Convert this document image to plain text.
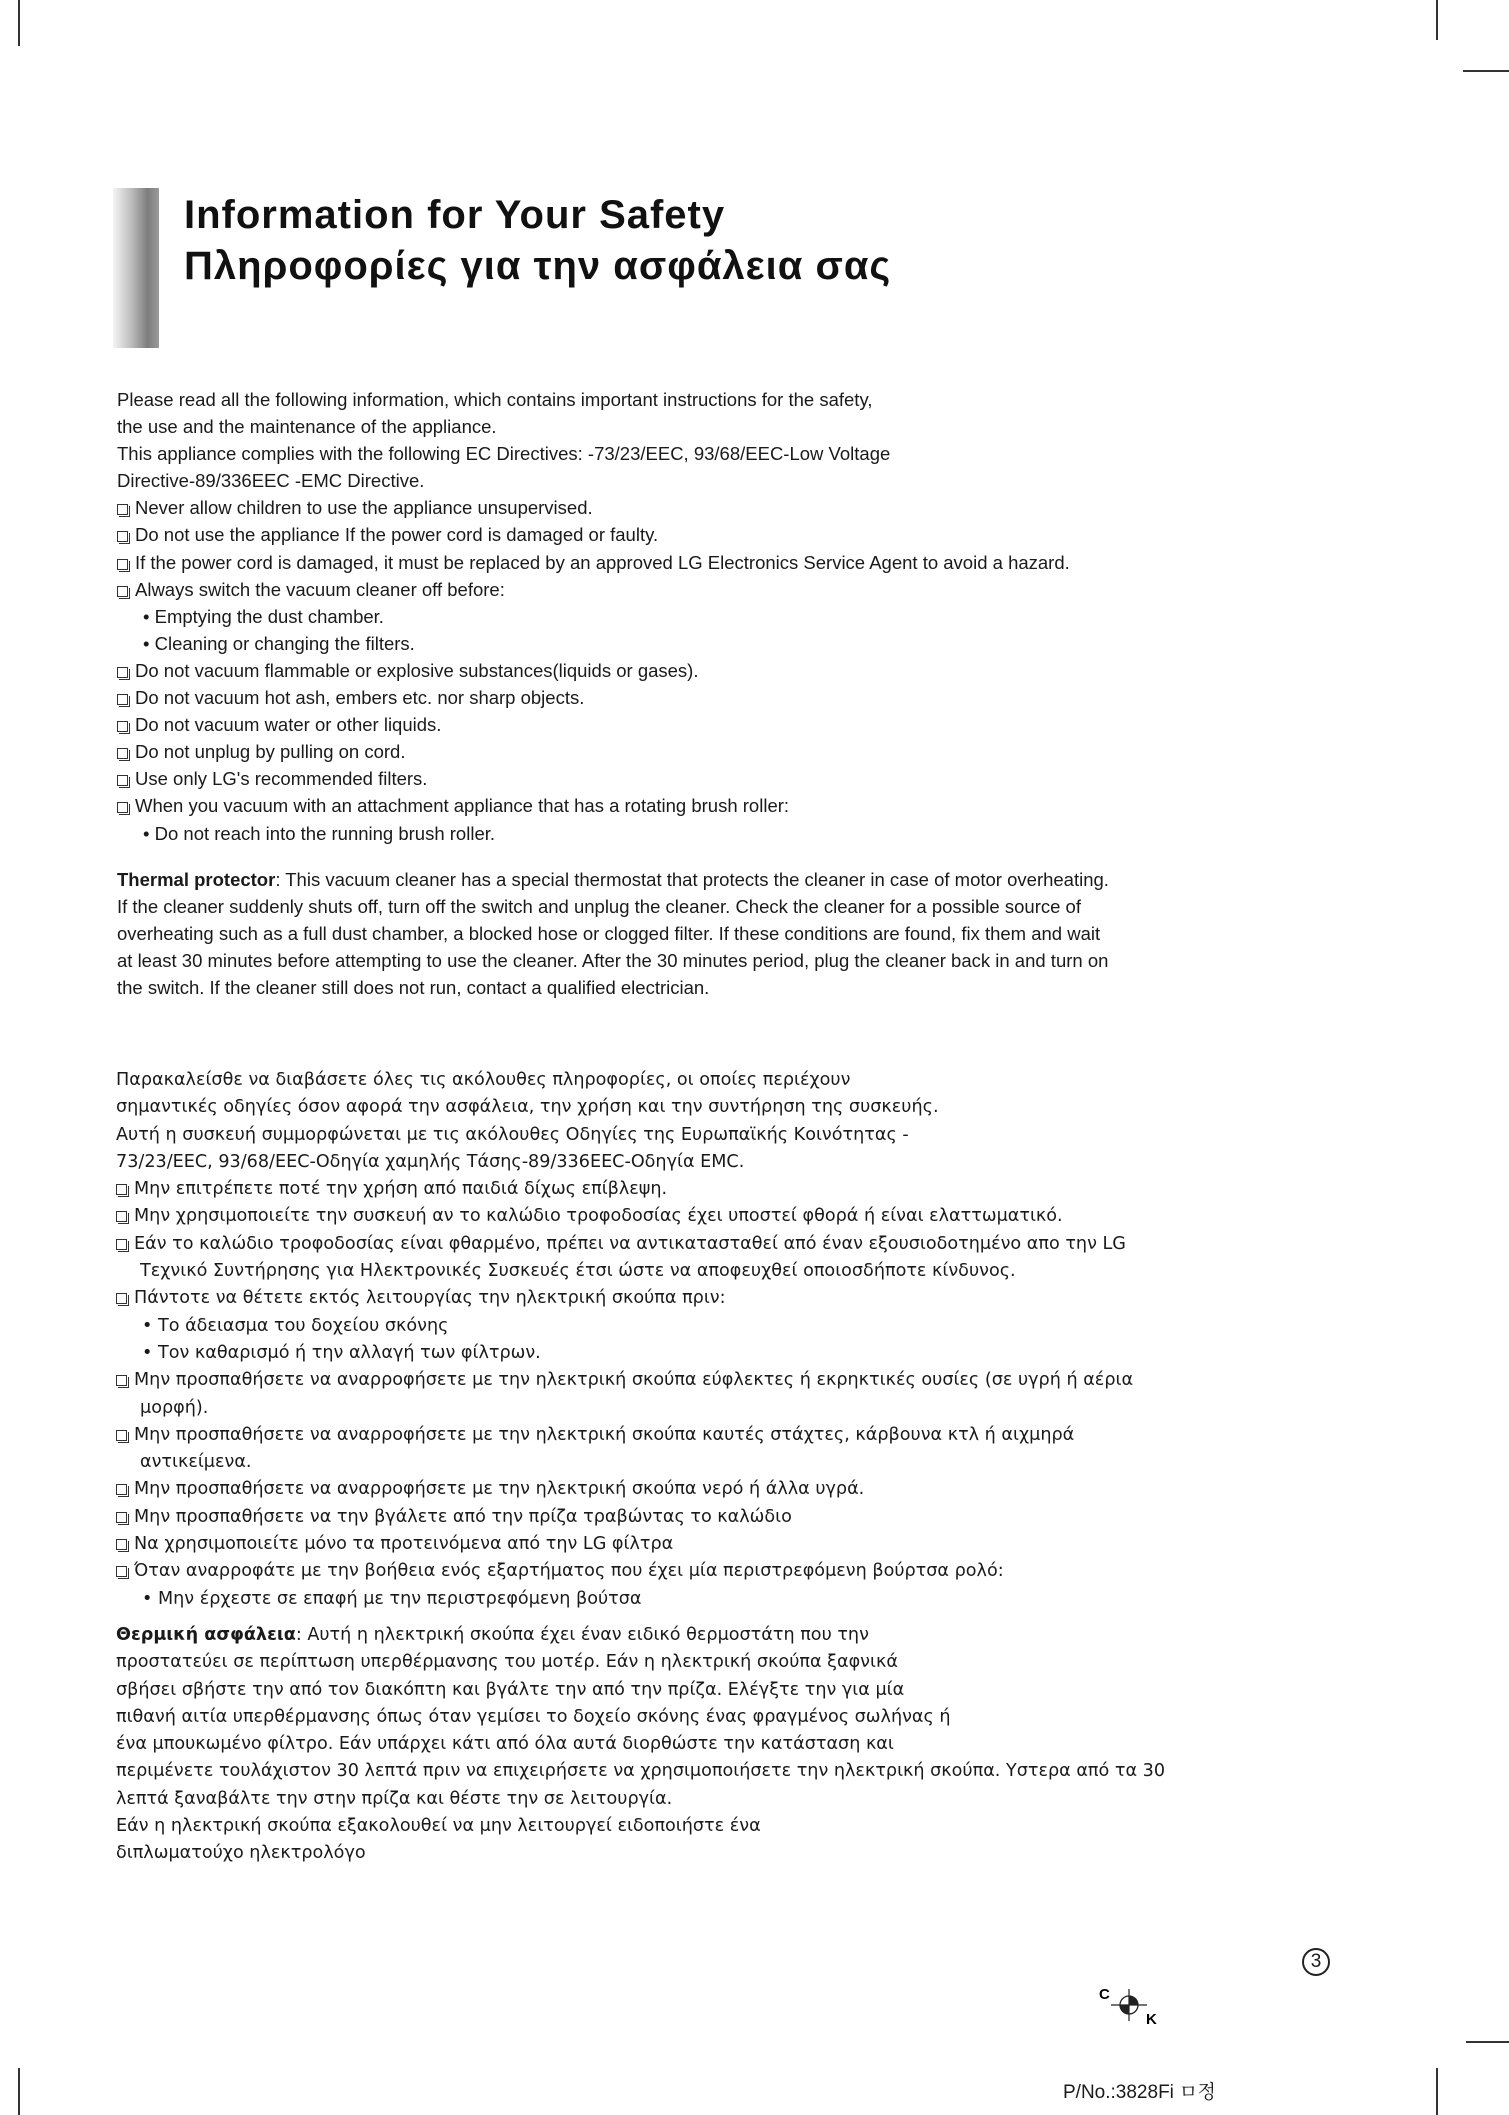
Information for Your Safety
Πληροφορίες για την ασφάλεια σας
Please read all the following information, which contains important instructions for the safety,
the use and the maintenance of the appliance.
This appliance complies with the following EC Directives: -73/23/EEC, 93/68/EEC-Low Voltage
Directive-89/336EEC -EMC Directive.
Never allow children to use the appliance unsupervised.
Do not use the appliance If the power cord is damaged or faulty.
If the power cord is damaged, it must be replaced by an approved LG Electronics Service Agent to avoid a hazard.
Always switch the vacuum cleaner off before:
• Emptying the dust chamber.
• Cleaning or changing the filters.
Do not vacuum flammable or explosive substances(liquids or gases).
Do not vacuum hot ash, embers etc. nor sharp objects.
Do not vacuum water or other liquids.
Do not unplug by pulling on cord.
Use only LG's recommended filters.
When you vacuum with an attachment appliance that has a rotating brush roller:
• Do not reach into the running brush roller.
Thermal protector: This vacuum cleaner has a special thermostat that protects the cleaner in case of motor overheating.
If the cleaner suddenly shuts off, turn off the switch and unplug the cleaner. Check the cleaner for a possible source of
overheating such as a full dust chamber, a blocked hose or clogged filter. If these conditions are found, fix them and wait
at least 30 minutes before attempting to use the cleaner. After the 30 minutes period, plug the cleaner back in and turn on
the switch. If the cleaner still does not run, contact a qualified electrician.
Παρακαλείσθε να διαβάσετε όλες τις ακόλουθες πληροφορίες, οι οποίες περιέχουν
σημαντικές οδηγίες όσον αφορά την ασφάλεια, την χρήση και την συντήρηση της συσκευής.
Αυτή η συσκευή συμμορφώνεται με τις ακόλουθες Οδηγίες της Ευρωπαϊκής Κοινότητας -
73/23/EEC, 93/68/EEC-Οδηγία χαμηλής Τάσης-89/336EEC-Οδηγία EMC.
Μην επιτρέπετε ποτέ την χρήση από παιδιά δίχως επίβλεψη.
Μην χρησιμοποιείτε την συσκευή αν το καλώδιο τροφοδοσίας έχει υποστεί φθορά ή είναι ελαττωματικό.
Εάν το καλώδιο τροφοδοσίας είναι φθαρμένο, πρέπει να αντικατασταθεί από έναν εξουσιοδοτημένο απο την LG
Τεχνικό Συντήρησης για Ηλεκτρονικές Συσκευές έτσι ώστε να αποφευχθεί οποιοσδήποτε κίνδυνος.
Πάντοτε να θέτετε εκτός λειτουργίας την ηλεκτρική σκούπα πριν:
• Το άδειασμα του δοχείου σκόνης
• Τον καθαρισμό ή την αλλαγή των φίλτρων.
Μην προσπαθήσετε να αναρροφήσετε με την ηλεκτρική σκούπα εύφλεκτες ή εκρηκτικές ουσίες (σε υγρή ή αέρια
μορφή).
Μην προσπαθήσετε να αναρροφήσετε με την ηλεκτρική σκούπα καυτές στάχτες, κάρβουνα κτλ ή αιχμηρά
αντικείμενα.
Μην προσπαθήσετε να αναρροφήσετε με την ηλεκτρική σκούπα νερό ή άλλα υγρά.
Μην προσπαθήσετε να την βγάλετε από την πρίζα τραβώντας το καλώδιο
Να χρησιμοποιείτε μόνο τα προτεινόμενα από την LG φίλτρα
Όταν αναρροφάτε με την βοήθεια ενός εξαρτήματος που έχει μία περιστρεφόμενη βούρτσα ρολό:
• Μην έρχεστε σε επαφή με την περιστρεφόμενη βούτσα
Θερμική ασφάλεια: Αυτή η ηλεκτρική σκούπα έχει έναν ειδικό θερμοστάτη που την
προστατεύει σε περίπτωση υπερθέρμανσης του μοτέρ. Εάν η ηλεκτρική σκούπα ξαφνικά
σβήσει σβήστε την από τον διακόπτη και βγάλτε την από την πρίζα. Ελέγξτε την για μία
πιθανή αιτία υπερθέρμανσης όπως όταν γεμίσει το δοχείο σκόνης ένας φραγμένος σωλήνας ή
ένα μπουκωμένο φίλτρο. Εάν υπάρχει κάτι από όλα αυτά διορθώστε την κατάσταση και
περιμένετε τουλάχιστον 30 λεπτά πριν να επιχειρήσετε να χρησιμοποιήσετε την ηλεκτρική σκούπα. Υστερα από τα 30
λεπτά ξαναβάλτε την στην πρίζα και θέστε την σε λειτουργία.
Εάν η ηλεκτρική σκούπα εξακολουθεί να μην λειτουργεί ειδοποιήστε ένα
διπλωματούχο ηλεκτρολόγο
3
C
K
P/No.:3828Fi ㅁ정
